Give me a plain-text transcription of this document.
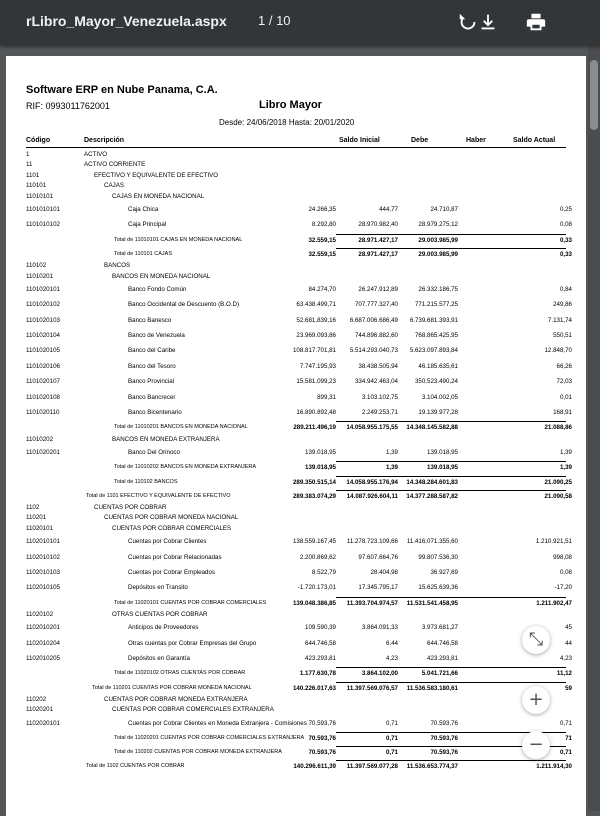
rLibro_Mayor_Venezuela.aspx 1 / 10
Software ERP en Nube Panama, C.A.
RIF: 0993011762001	Libro Mayor
Desde: 24/06/2018 Hasta: 20/01/2020
Código	Descripción	Saldo Inicial	Debe	Haber	Saldo Actual
1	ACTIVO
11	ACTIVO CORRIENTE
1101	EFECTIVO Y EQUIVALENTE DE EFECTIVO
110101	CAJAS
11010101	CAJAS EN MONEDA NACIONAL
1101010101	Caja Chica	24.266,35	444,77	24.710,87	0,25
1101010102	Caja Principal	8.292,80	28.970.982,40	28.979.275,12	0,08
Total de 11010101 CAJAS EN MONEDA NACIONAL	32.559,15	28.971.427,17	29.003.985,99	0,33
Total de 110101 CAJAS	32.559,15	28.971.427,17	29.003.985,99	0,33
110102	BANCOS
11010201	BANCOS EN MONEDA NACIONAL
1101020101	Banco Fondo Común	84.274,70	26.247.912,89	26.332.186,75	0,84
1101020102	Banco Occidental de Descuento (B.O.D)	63.438.499,71	707.777.327,40	771.215.577,25	249,86
1101020103	Banco Banesco	52.681.839,16	6.687.006.686,49	6.739.681.393,91	7.131,74
1101020104	Banco de Venezuela	23.969.093,86	744.896.882,60	768.865.425,95	550,51
1101020105	Banco del Caribe	108.817.701,81	5.514.293.040,73	5.623.097.893,84	12.848,70
1101020106	Banco del Tesoro	7.747.195,93	38.438.505,94	46.185.635,61	66,26
1101020107	Banco Provincial	15.581.099,23	334.942.463,04	350.523.490,24	72,03
1101020108	Banco Bancrecer	899,31	3.103.102,75	3.104.002,05	0,01
1101020110	Banco Bicentenario	16.890.892,48	2.249.253,71	19.139.977,28	168,91
Total de 11010201 BANCOS EN MONEDA NACIONAL	289.211.496,19	14.058.955.175,55	14.348.145.582,88	21.088,86
11010202	BANCOS EN MONEDA EXTRANJERA
1101020201	Banco Del Orinoco	139.018,95	1,39	139.018,95	1,39
Total de 11010202 BANCOS EN MONEDA EXTRANJERA	139.018,95	1,39	139.018,95	1,39
Total de 110102 BANCOS	289.350.515,14	14.058.955.176,94	14.348.284.601,83	21.090,25
Total de 1101 EFECTIVO Y EQUIVALENTE DE EFECTIVO	289.383.074,29	14.087.926.604,11	14.377.288.587,82	21.090,58
1102	CUENTAS POR COBRAR
110201	CUENTAS POR COBRAR MONEDA NACIONAL
11020101	CUENTAS POR COBRAR COMERCIALES
1102010101	Cuentas por Cobrar Clientes	138.559.167,45	11.278.723.109,66	11.416.071.355,60	1.210.921,51
1102010102	Cuentas por Cobrar Relacionadas	2.200.869,62	97.607.664,76	99.807.536,30	998,08
1102010103	Cuentas por Cobrar Empleados	8.522,79	28.404,98	36.927,69	0,08
1102010105	Depósitos en Transito	-1.720.173,01	17.345.795,17	15.625.639,36	-17,20
Total de 11020101 CUENTAS POR COBRAR COMERCIALES	139.048.386,85	11.393.704.974,57	11.531.541.458,95	1.211.902,47
11020102	OTRAS CUENTAS POR COBRAR
1102010201	Anticipos de Proveedores	109.590,39	3.864.091,33	3.973.681,27	45
1102010204	Otras cuentas por Cobrar Empresas del Grupo	644.746,58	6,44	644.746,58	44
1102010205	Depósitos en Garantía	423.293,81	4,23	423.293,81	4,23
Total de 11020102 OTRAS CUENTAS POR COBRAR	1.177.630,78	3.864.102,00	5.041.721,66	11,12
Total de 110201 CUENTAS POR COBRAR MONEDA NACIONAL	140.226.017,63	11.397.569.076,57	11.536.583.180,61	59
110202	CUENTAS POR COBRAR MONEDA EXTRANJERA
11020201	CUENTAS POR COBRAR COMERCIALES EXTRANJERA
1102020101	Cuentas por Cobrar Clientes en Moneda Extranjera - Comisiones 70.593,76	0,71	70.593,76	0,71
Total de 11020201 CUENTAS POR COBRAR COMERCIALES EXTRANJERA 70.593,76	0,71	70.593,76	71
Total de 110202 CUENTAS POR COBRAR MONEDA EXTRANJERA	70.593,76	0,71	70.593,76	0,71
Total de 1102 CUENTAS POR COBRAR	140.296.611,39	11.397.569.077,28	11.536.653.774,37	1.211.914,30
⤡
+
−
